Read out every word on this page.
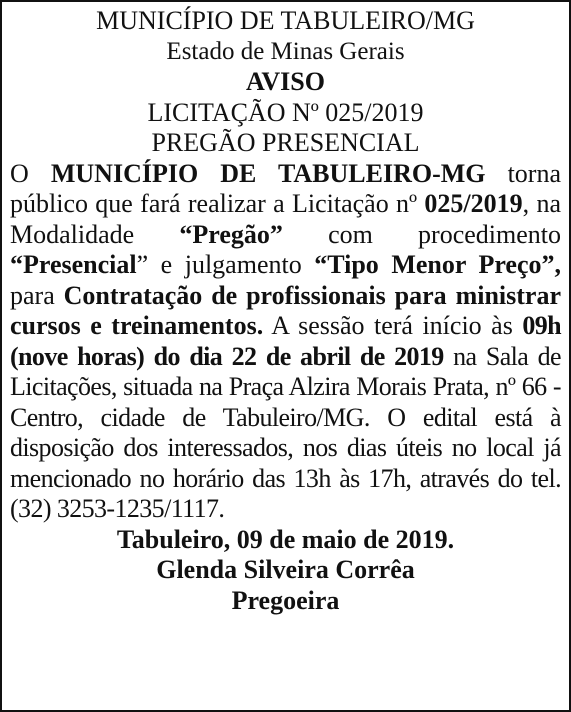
MUNICÍPIO DE TABULEIRO/MG
Estado de Minas Gerais
AVISO
LICITAÇÃO Nº 025/2019
PREGÃO PRESENCIAL
O MUNICÍPIO DE TABULEIRO-MG torna público que fará realizar a Licitação nº 025/2019, na Modalidade “Pregão” com procedimento “Presencial” e julgamento “Tipo Menor Preço”, para Contratação de profissionais para ministrar cursos e treinamentos. A sessão terá início às 09h (nove horas) do dia 22 de abril de 2019 na Sala de Licitações, situada na Praça Alzira Morais Prata, nº 66 - Centro, cidade de Tabuleiro/MG. O edital está à disposição dos interessados, nos dias úteis no local já mencionado no horário das 13h às 17h, através do tel. (32) 3253-1235/1117.
Tabuleiro, 09 de maio de 2019.
Glenda Silveira Corrêa
Pregoeira
